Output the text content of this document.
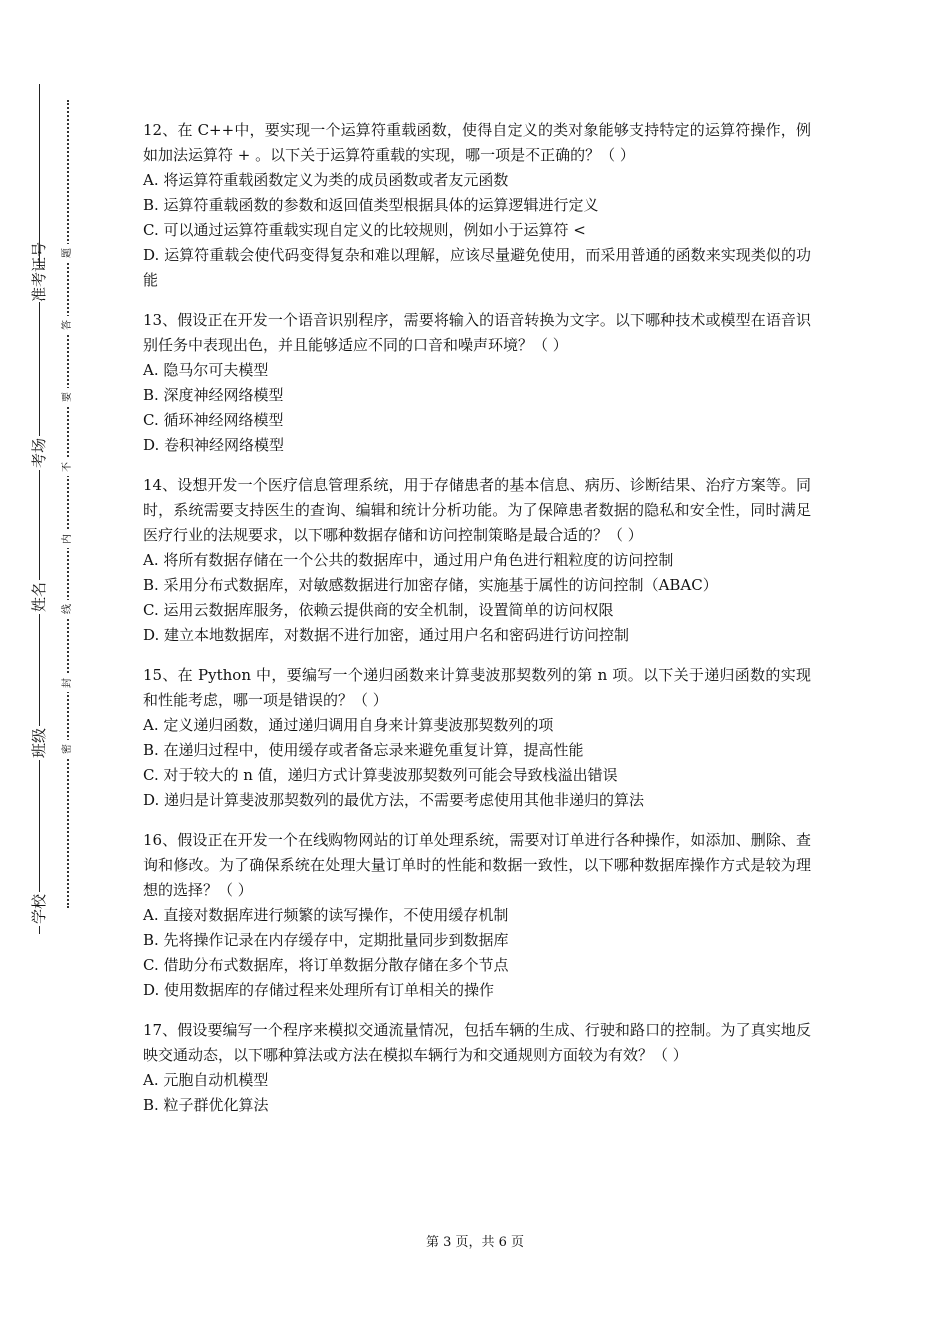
学校
班级
姓名
考场
准考证号
密
封
线
内
不
要
答
题
12、在 C++中，要实现一个运算符重载函数，使得自定义的类对象能够支持特定的运算符操作，例如加法运算符 + 。以下关于运算符重载的实现，哪一项是不正确的？（ ）
A. 将运算符重载函数定义为类的成员函数或者友元函数
B. 运算符重载函数的参数和返回值类型根据具体的运算逻辑进行定义
C. 可以通过运算符重载实现自定义的比较规则，例如小于运算符 <
D. 运算符重载会使代码变得复杂和难以理解，应该尽量避免使用，而采用普通的函数来实现类似的功能
13、假设正在开发一个语音识别程序，需要将输入的语音转换为文字。以下哪种技术或模型在语音识别任务中表现出色，并且能够适应不同的口音和噪声环境？（ ）
A. 隐马尔可夫模型
B. 深度神经网络模型
C. 循环神经网络模型
D. 卷积神经网络模型
14、设想开发一个医疗信息管理系统，用于存储患者的基本信息、病历、诊断结果、治疗方案等。同时，系统需要支持医生的查询、编辑和统计分析功能。为了保障患者数据的隐私和安全性，同时满足医疗行业的法规要求，以下哪种数据存储和访问控制策略是最合适的？（ ）
A. 将所有数据存储在一个公共的数据库中，通过用户角色进行粗粒度的访问控制
B. 采用分布式数据库，对敏感数据进行加密存储，实施基于属性的访问控制（ABAC）
C. 运用云数据库服务，依赖云提供商的安全机制，设置简单的访问权限
D. 建立本地数据库，对数据不进行加密，通过用户名和密码进行访问控制
15、在 Python 中，要编写一个递归函数来计算斐波那契数列的第 n 项。以下关于递归函数的实现和性能考虑，哪一项是错误的？（ ）
A. 定义递归函数，通过递归调用自身来计算斐波那契数列的项
B. 在递归过程中，使用缓存或者备忘录来避免重复计算，提高性能
C. 对于较大的 n 值，递归方式计算斐波那契数列可能会导致栈溢出错误
D. 递归是计算斐波那契数列的最优方法，不需要考虑使用其他非递归的算法
16、假设正在开发一个在线购物网站的订单处理系统，需要对订单进行各种操作，如添加、删除、查询和修改。为了确保系统在处理大量订单时的性能和数据一致性，以下哪种数据库操作方式是较为理想的选择？（ ）
A. 直接对数据库进行频繁的读写操作，不使用缓存机制
B. 先将操作记录在内存缓存中，定期批量同步到数据库
C. 借助分布式数据库，将订单数据分散存储在多个节点
D. 使用数据库的存储过程来处理所有订单相关的操作
17、假设要编写一个程序来模拟交通流量情况，包括车辆的生成、行驶和路口的控制。为了真实地反映交通动态，以下哪种算法或方法在模拟车辆行为和交通规则方面较为有效？（ ）
A. 元胞自动机模型
B. 粒子群优化算法
第 3 页，共 6 页
